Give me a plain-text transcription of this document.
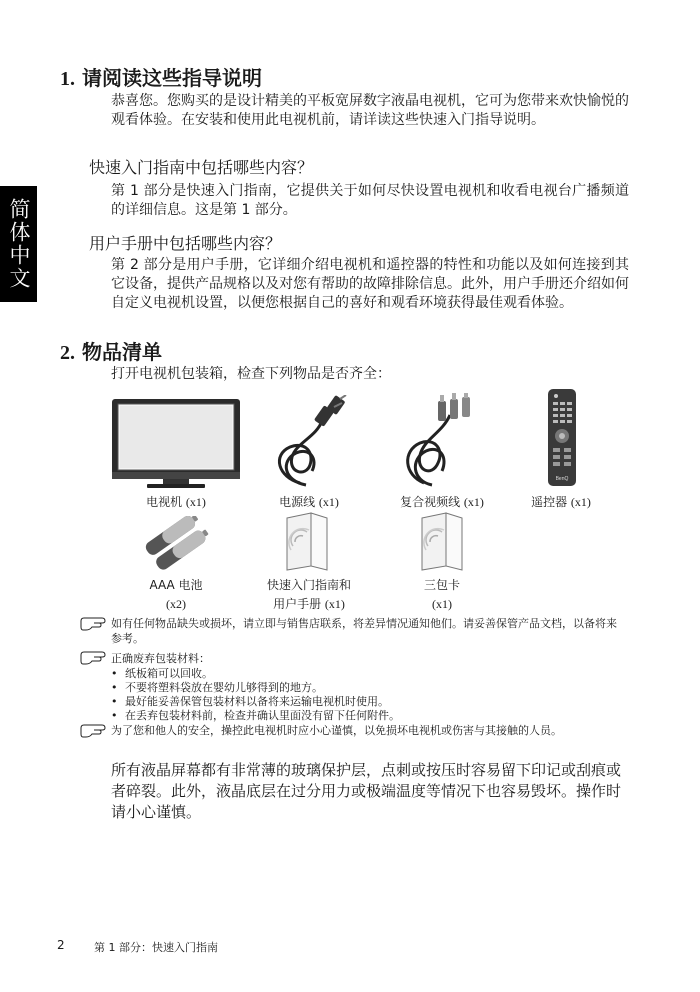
简体中文
1. 请阅读这些指导说明
恭喜您。您购买的是设计精美的平板宽屏数字液晶电视机，它可为您带来欢快愉悦的观看体验。在安装和使用此电视机前，请详读这些快速入门指导说明。
快速入门指南中包括哪些内容？
第 1 部分是快速入门指南，它提供关于如何尽快设置电视机和收看电视台广播频道的详细信息。这是第 1 部分。
用户手册中包括哪些内容？
第 2 部分是用户手册，它详细介绍电视机和遥控器的特性和功能以及如何连接到其它设备，提供产品规格以及对您有帮助的故障排除信息。此外，用户手册还介绍如何自定义电视机设置，以便您根据自己的喜好和观看环境获得最佳观看体验。
2. 物品清单
打开电视机包装箱，检查下列物品是否齐全：
BenQ
电视机 (x1)	电源线 (x1)	复合视频线 (x1)	遥控器 (x1)
AAA 电池
(x2)
快速入门指南和
用户手册 (x1)
三包卡
(x1)
如有任何物品缺失或损坏，请立即与销售店联系，将差异情况通知他们。请妥善保管产品文档，以备将来参考。
正确废弃包装材料：
• 纸板箱可以回收。
• 不要将塑料袋放在婴幼儿够得到的地方。
• 最好能妥善保管包装材料以备将来运输电视机时使用。
• 在丢弃包装材料前，检查并确认里面没有留下任何附件。
为了您和他人的安全，操控此电视机时应小心谨慎，以免损坏电视机或伤害与其接触的人员。
所有液晶屏幕都有非常薄的玻璃保护层，点刺或按压时容易留下印记或刮痕或者碎裂。此外，液晶底层在过分用力或极端温度等情况下也容易毁坏。操作时请小心谨慎。
2	第 1 部分：快速入门指南
